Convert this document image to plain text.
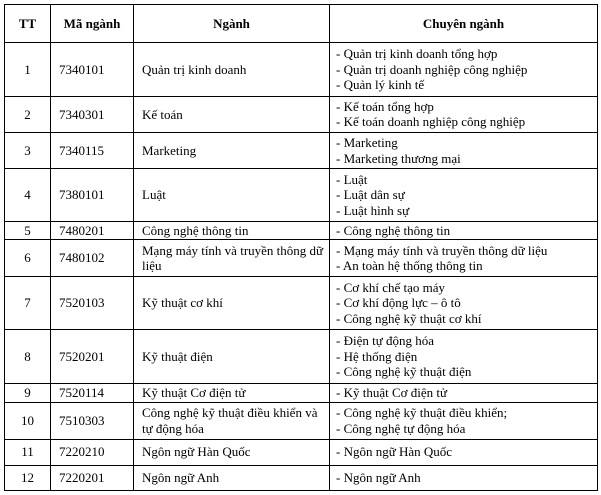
TT	Mã ngành	Ngành	Chuyên ngành
1	7340101	Quản trị kinh doanh	- Quản trị kinh doanh tổng hợp
- Quản trị doanh nghiệp công nghiệp
- Quản lý kinh tế

2	7340301	Kế toán	- Kế toán tổng hợp
- Kế toán doanh nghiệp công nghiệp

3	7340115	Marketing	- Marketing
- Marketing thương mại

4	7380101	Luật	- Luật
- Luật dân sự
- Luật hình sự

5	7480201	Công nghệ thông tin	- Công nghệ thông tin

6	7480102	Mạng máy tính và truyền thông dữ liệu	- Mạng máy tính và truyền thông dữ liệu
- An toàn hệ thống thông tin

7	7520103	Kỹ thuật cơ khí	- Cơ khí chế tạo máy
- Cơ khí động lực – ô tô
- Công nghệ kỹ thuật cơ khí

8	7520201	Kỹ thuật điện	- Điện tự động hóa
- Hệ thống điện
- Công nghệ kỹ thuật điện

9	7520114	Kỹ thuật Cơ điện tử	- Kỹ thuật Cơ điện tử

10	7510303	Công nghệ kỹ thuật điều khiển và tự động hóa	- Công nghệ kỹ thuật điều khiển;
- Công nghệ tự động hóa

11	7220210	Ngôn ngữ Hàn Quốc	- Ngôn ngữ Hàn Quốc

12	7220201	Ngôn ngữ Anh	- Ngôn ngữ Anh
